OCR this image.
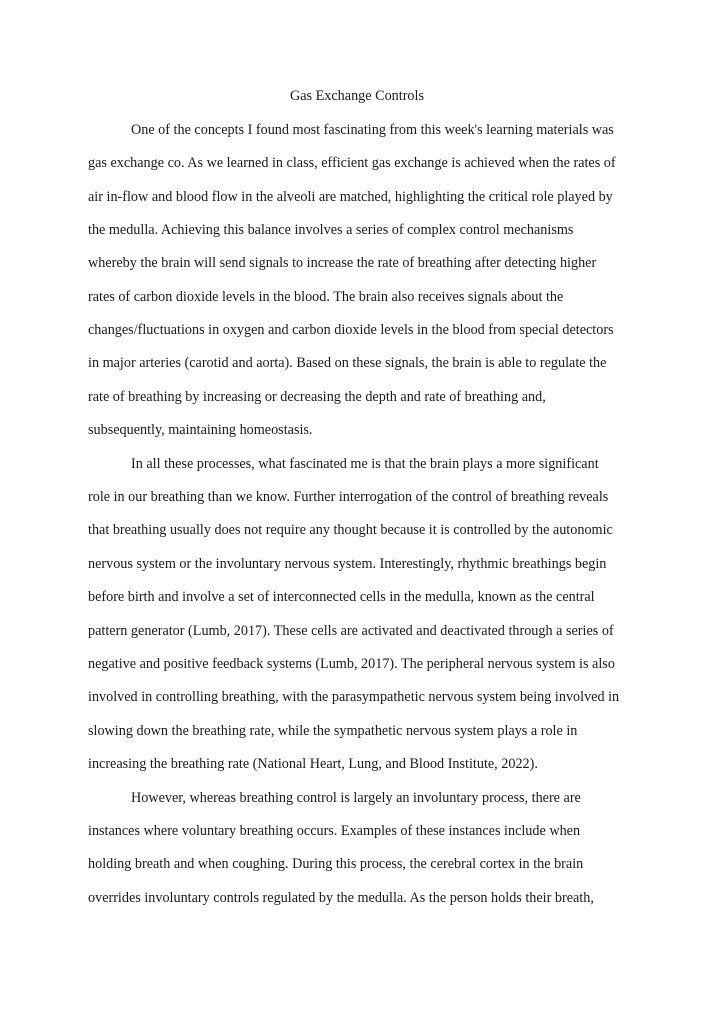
Gas Exchange Controls
One of the concepts I found most fascinating from this week's learning materials was
gas exchange co. As we learned in class, efficient gas exchange is achieved when the rates of
air in-flow and blood flow in the alveoli are matched, highlighting the critical role played by
the medulla. Achieving this balance involves a series of complex control mechanisms
whereby the brain will send signals to increase the rate of breathing after detecting higher
rates of carbon dioxide levels in the blood. The brain also receives signals about the
changes/fluctuations in oxygen and carbon dioxide levels in the blood from special detectors
in major arteries (carotid and aorta). Based on these signals, the brain is able to regulate the
rate of breathing by increasing or decreasing the depth and rate of breathing and,
subsequently, maintaining homeostasis.
In all these processes, what fascinated me is that the brain plays a more significant
role in our breathing than we know. Further interrogation of the control of breathing reveals
that breathing usually does not require any thought because it is controlled by the autonomic
nervous system or the involuntary nervous system. Interestingly, rhythmic breathings begin
before birth and involve a set of interconnected cells in the medulla, known as the central
pattern generator (Lumb, 2017). These cells are activated and deactivated through a series of
negative and positive feedback systems (Lumb, 2017). The peripheral nervous system is also
involved in controlling breathing, with the parasympathetic nervous system being involved in
slowing down the breathing rate, while the sympathetic nervous system plays a role in
increasing the breathing rate (National Heart, Lung, and Blood Institute, 2022).
However, whereas breathing control is largely an involuntary process, there are
instances where voluntary breathing occurs. Examples of these instances include when
holding breath and when coughing. During this process, the cerebral cortex in the brain
overrides involuntary controls regulated by the medulla. As the person holds their breath,
